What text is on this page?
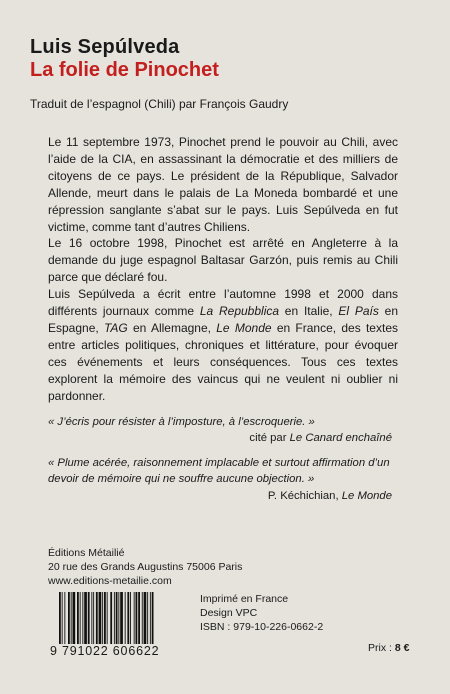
Luis Sepúlveda
La folie de Pinochet
Traduit de l’espagnol (Chili) par François Gaudry

Le 11 septembre 1973, Pinochet prend le pouvoir au Chili, avec l’aide de la CIA, en assassinant la démocratie et des milliers de citoyens de ce pays. Le président de la République, Salvador Allende, meurt dans le palais de La Moneda bombardé et une répression sanglante s’abat sur le pays. Luis Sepúlveda en fut victime, comme tant d’autres Chiliens.

Le 16 octobre 1998, Pinochet est arrêté en Angleterre à la demande du juge espagnol Baltasar Garzón, puis remis au Chili parce que déclaré fou.

Luis Sepúlveda a écrit entre l’automne 1998 et 2000 dans différents journaux comme La Repubblica en Italie, El País en Espagne, TAG en Allemagne, Le Monde en France, des textes entre articles politiques, chroniques et littérature, pour évoquer ces événements et leurs conséquences. Tous ces textes explorent la mémoire des vaincus qui ne veulent ni oublier ni pardonner.

« J’écris pour résister à l’imposture, à l’escroquerie. »
cité par Le Canard enchaîné
« Plume acérée, raisonnement implacable et surtout affirmation d’un devoir de mémoire qui ne souffre aucune objection. »
P. Kéchichian, Le Monde
Éditions Métailié
20 rue des Grands Augustins 75006 Paris
www.editions-metailie.com
9 791022 606622
Imprimé en France
Design VPC
ISBN : 979-10-226-0662-2
Prix : 8 €
